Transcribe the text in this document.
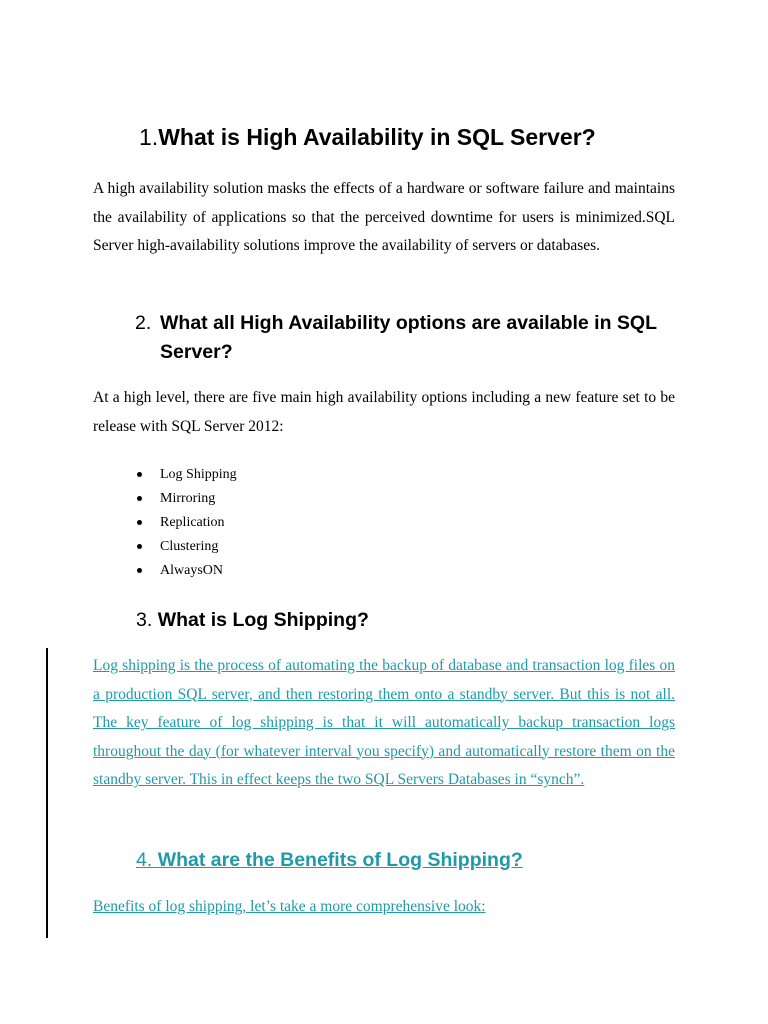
1.What is High Availability in SQL Server?

A high availability solution masks the effects of a hardware or software failure and maintains the availability of applications so that the perceived downtime for users is minimized.SQL Server high-availability solutions improve the availability of servers or databases.

2. What all High Availability options are available in SQL Server?

At a high level, there are five main high availability options including a new feature set to be release with SQL Server 2012:

Log Shipping
Mirroring
Replication
Clustering
AlwaysON
3. What is Log Shipping?

Log shipping is the process of automating the backup of database and transaction log files on a production SQL server, and then restoring them onto a standby server. But this is not all. The key feature of log shipping is that it will automatically backup transaction logs throughout the day (for whatever interval you specify) and automatically restore them on the standby server. This in effect keeps the two SQL Servers Databases in “synch”.

4. What are the Benefits of Log Shipping?

Benefits of log shipping, let’s take a more comprehensive look:
